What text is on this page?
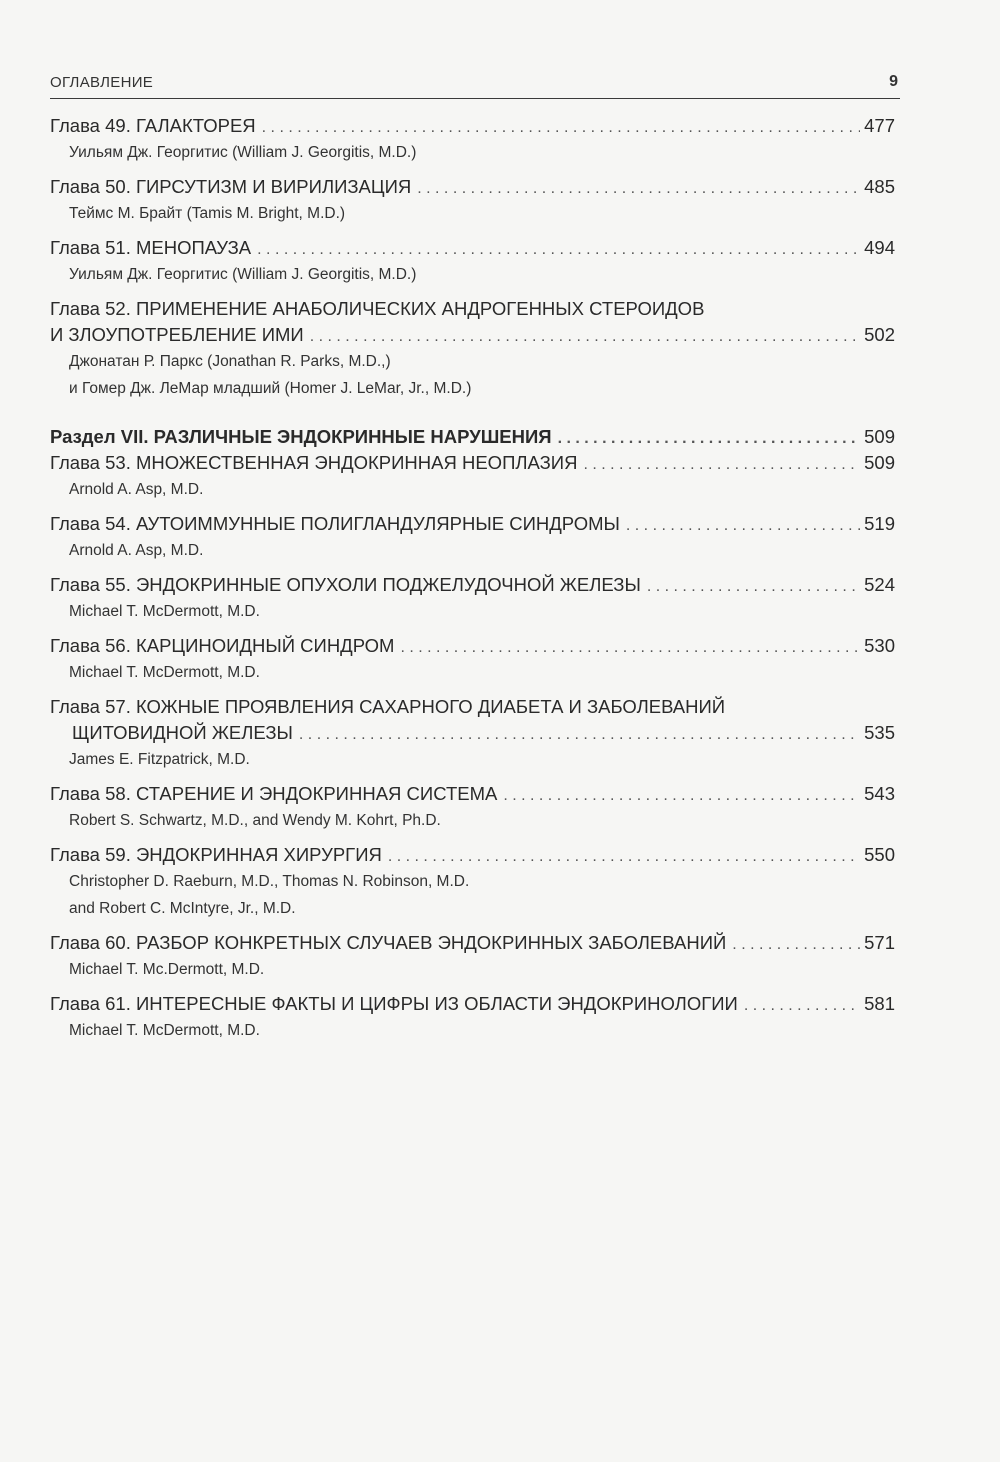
ОГЛАВЛЕНИЕ	9
Глава 49. ГАЛАКТОРЕЯ . . .	477
Уильям Дж. Георгитис (William J. Georgitis, M.D.)
Глава 50. ГИРСУТИЗМ И ВИРИЛИЗАЦИЯ . . .	485
Теймс М. Брайт (Tamis M. Bright, M.D.)
Глава 51. МЕНОПАУЗА . . .	494
Уильям Дж. Георгитис (William J. Georgitis, M.D.)
Глава 52. ПРИМЕНЕНИЕ АНАБОЛИЧЕСКИХ АНДРОГЕННЫХ СТЕРОИДОВ
И ЗЛОУПОТРЕБЛЕНИЕ ИМИ . . .	502
Джонатан Р. Паркс (Jonathan R. Parks, M.D.,)
и Гомер Дж. ЛеМар младший (Homer J. LeMar, Jr., M.D.)
Раздел VII. РАЗЛИЧНЫЕ ЭНДОКРИННЫЕ НАРУШЕНИЯ . . .	509
Глава 53. МНОЖЕСТВЕННАЯ ЭНДОКРИННАЯ НЕОПЛАЗИЯ . . .	509
Arnold A. Asp, M.D.
Глава 54. АУТОИММУННЫЕ ПОЛИГЛАНДУЛЯРНЫЕ СИНДРОМЫ . . .	519
Arnold A. Asp, M.D.
Глава 55. ЭНДОКРИННЫЕ ОПУХОЛИ ПОДЖЕЛУДОЧНОЙ ЖЕЛЕЗЫ . . .	524
Michael T. McDermott, M.D.
Глава 56. КАРЦИНОИДНЫЙ СИНДРОМ . . .	530
Michael T. McDermott, M.D.
Глава 57. КОЖНЫЕ ПРОЯВЛЕНИЯ САХАРНОГО ДИАБЕТА И ЗАБОЛЕВАНИЙ
ЩИТОВИДНОЙ ЖЕЛЕЗЫ . . .	535
James E. Fitzpatrick, M.D.
Глава 58. СТАРЕНИЕ И ЭНДОКРИННАЯ СИСТЕМА . . .	543
Robert S. Schwartz, M.D., and Wendy M. Kohrt, Ph.D.
Глава 59. ЭНДОКРИННАЯ ХИРУРГИЯ . . .	550
Christopher D. Raeburn, M.D., Thomas N. Robinson, M.D.
and Robert C. McIntyre, Jr., M.D.
Глава 60. РАЗБОР КОНКРЕТНЫХ СЛУЧАЕВ ЭНДОКРИННЫХ ЗАБОЛЕВАНИЙ . . .	571
Michael T. Mc.Dermott, M.D.
Глава 61. ИНТЕРЕСНЫЕ ФАКТЫ И ЦИФРЫ ИЗ ОБЛАСТИ ЭНДОКРИНОЛОГИИ . . .	581
Michael T. McDermott, M.D.
